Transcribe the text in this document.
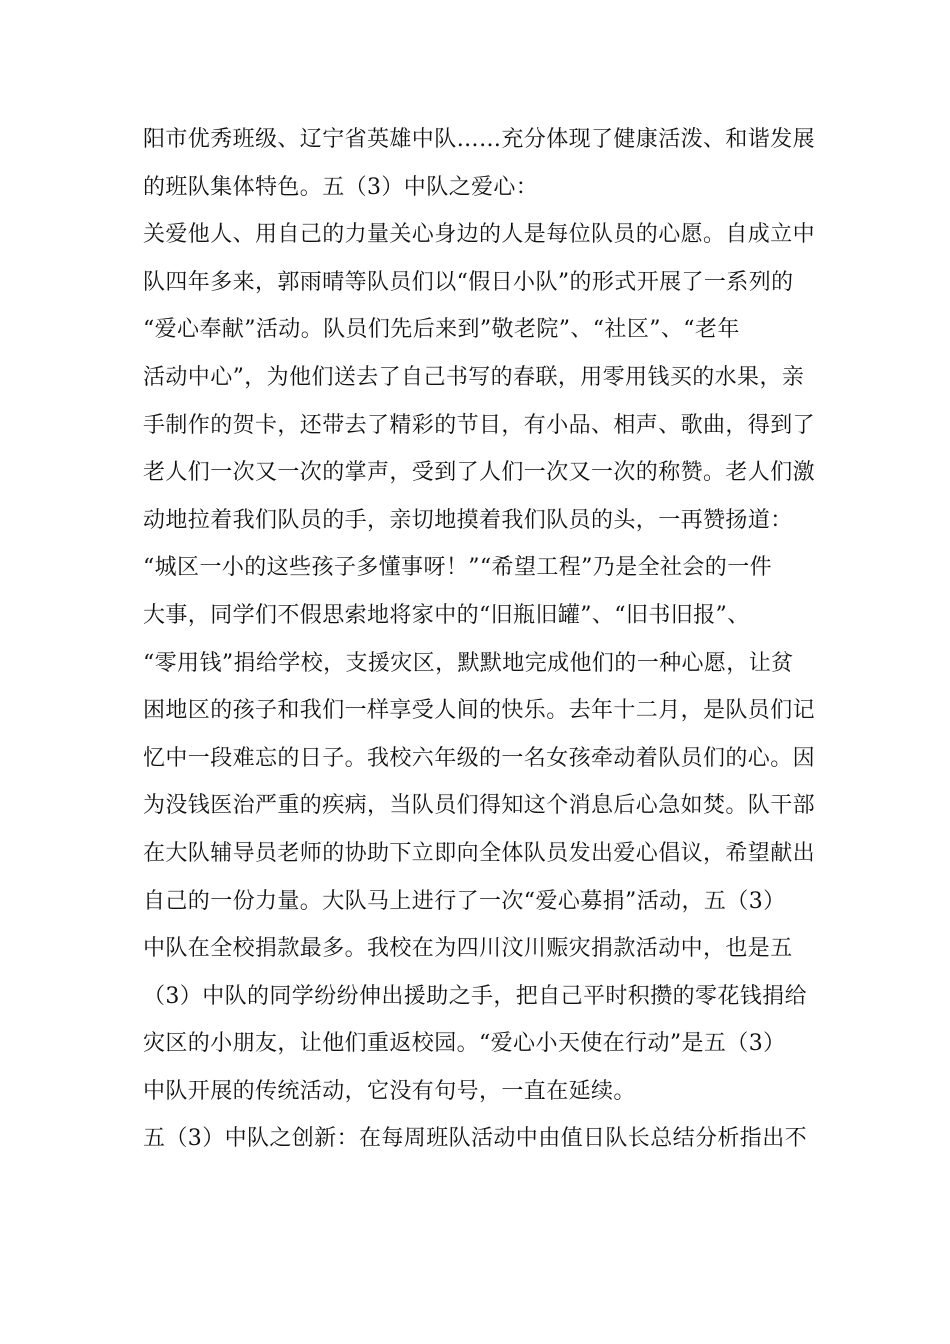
阳市优秀班级、辽宁省英雄中队……充分体现了健康活泼、和谐发展
的班队集体特色。五（3）中队之爱心：
关爱他人、用自己的力量关心身边的人是每位队员的心愿。自成立中
队四年多来，郭雨晴等队员们以“假日小队”的形式开展了一系列的
“爱心奉献”活动。队员们先后来到”敬老院”、“社区”、“老年
活动中心”，为他们送去了自己书写的春联，用零用钱买的水果，亲
手制作的贺卡，还带去了精彩的节目，有小品、相声、歌曲，得到了
老人们一次又一次的掌声，受到了人们一次又一次的称赞。老人们激
动地拉着我们队员的手，亲切地摸着我们队员的头，一再赞扬道：
“城区一小的这些孩子多懂事呀！”“希望工程”乃是全社会的一件
大事，同学们不假思索地将家中的“旧瓶旧罐”、“旧书旧报”、
“零用钱”捐给学校，支援灾区，默默地完成他们的一种心愿，让贫
困地区的孩子和我们一样享受人间的快乐。去年十二月，是队员们记
忆中一段难忘的日子。我校六年级的一名女孩牵动着队员们的心。因
为没钱医治严重的疾病，当队员们得知这个消息后心急如焚。队干部
在大队辅导员老师的协助下立即向全体队员发出爱心倡议，希望献出
自己的一份力量。大队马上进行了一次“爱心募捐”活动，五（3）
中队在全校捐款最多。我校在为四川汶川赈灾捐款活动中，也是五
（3）中队的同学纷纷伸出援助之手，把自己平时积攒的零花钱捐给
灾区的小朋友，让他们重返校园。“爱心小天使在行动”是五（3）
中队开展的传统活动，它没有句号，一直在延续。
五（3）中队之创新：在每周班队活动中由值日队长总结分析指出不
